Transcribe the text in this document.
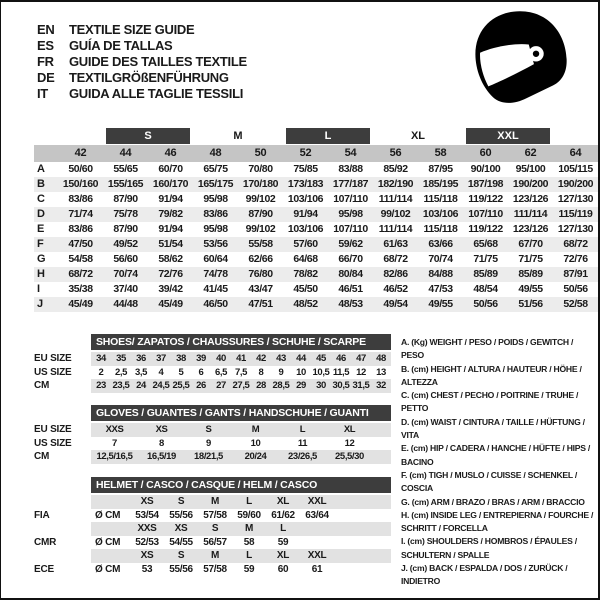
EN	TEXTILE SIZE GUIDE
ES	GUÍA DE TALLAS
FR	GUIDE DES TAILLES TEXTILE
DE	TEXTILGRÖßENFÜHRUNG
IT	GUIDA ALLE TAGLIE TESSILI
S	M	L	XL	XXL
42	44	46	48	50	52	54	56	58	60	62	64
A	50/60	55/65	60/70	65/75	70/80	75/85	83/88	85/92	87/95	90/100	95/100	105/115
B	150/160 155/165 160/170 165/175 170/180 173/183 177/187 182/190 185/195 187/198 190/200 190/200
C	83/86	87/90	91/94	95/98	99/102	103/106 107/110	111/114	115/118	119/122 123/126 127/130
D	71/74	75/78	79/82	83/86	87/90	91/94	95/98	99/102	103/106 107/110	111/114	115/119
E	83/86	87/90	91/94	95/98	99/102	103/106 107/110	111/114	115/118	119/122 123/126 127/130
F	47/50	49/52	51/54	53/56	55/58	57/60	59/62	61/63	63/66	65/68	67/70	68/72
G	54/58	56/60	58/62	60/64	62/66	64/68	66/70	68/72	70/74	71/75	71/75	72/76
H	68/72	70/74	72/76	74/78	76/80	78/82	80/84	82/86	84/88	85/89	85/89	87/91
I	35/38	37/40	39/42	41/45	43/47	45/50	46/51	46/52	47/53	48/54	49/55	50/56
J	45/49	44/48	45/49	46/50	47/51	48/52	48/53	49/54	49/55	50/56	51/56	52/58
SHOES/ ZAPATOS / CHAUSSURES / SCHUHE / SCARPE
EU SIZE	34	35	36	37	38	39	40	41	42	43	44	45	46	47	48
US SIZE	2	2,5 3,5	4	5	6	6,5 7,5	8	9	10 10,5 11,5 12	13
CM	23 23,5 24 24,5 25,5 26	27 27,5 28 28,5 29	30 30,5 31,5 32
GLOVES / GUANTES / GANTS / HANDSCHUHE / GUANTI
EU SIZE	XXS	XS	S	M	L	XL
US SIZE	7	8	9	10	11	12
CM	12,5/16,5	16,5/19	18/21,5	20/24	23/26,5	25,5/30
HELMET / CASCO / CASQUE / HELM / CASCO
XS	S	M	L	XL	XXL
FIA	Ø CM	53/54	55/56	57/58	59/60	61/62	63/64
XXS	XS	S	M	L
CMR	Ø CM	52/53	54/55	56/57	58	59
XS	S	M	L	XL	XXL
ECE	Ø CM	53	55/56	57/58	59	60	61
A. (Kg) WEIGHT / PESO / POIDS / GEWITCH / PESO
B. (cm) HEIGHT / ALTURA / HAUTEUR / HÖHE / ALTEZZA
C. (cm) CHEST / PECHO / POITRINE / TRUHE / PETTO
D. (cm) WAIST / CINTURA / TAILLE / HÜFTUNG / VITA
E. (cm) HIP / CADERA / HANCHE / HÜFTE / HIPS / BACINO
F. (cm) TIGH / MUSLO / CUISSE / SCHENKEL / COSCIA
G. (cm) ARM / BRAZO / BRAS / ARM / BRACCIO
H. (cm) INSIDE LEG / ENTREPIERNA / FOURCHE / SCHRITT / FORCELLA
I. (cm) SHOULDERS / HOMBROS / ÉPAULES / SCHULTERN / SPALLE
J. (cm) BACK / ESPALDA / DOS / ZURÜCK / INDIETRO
